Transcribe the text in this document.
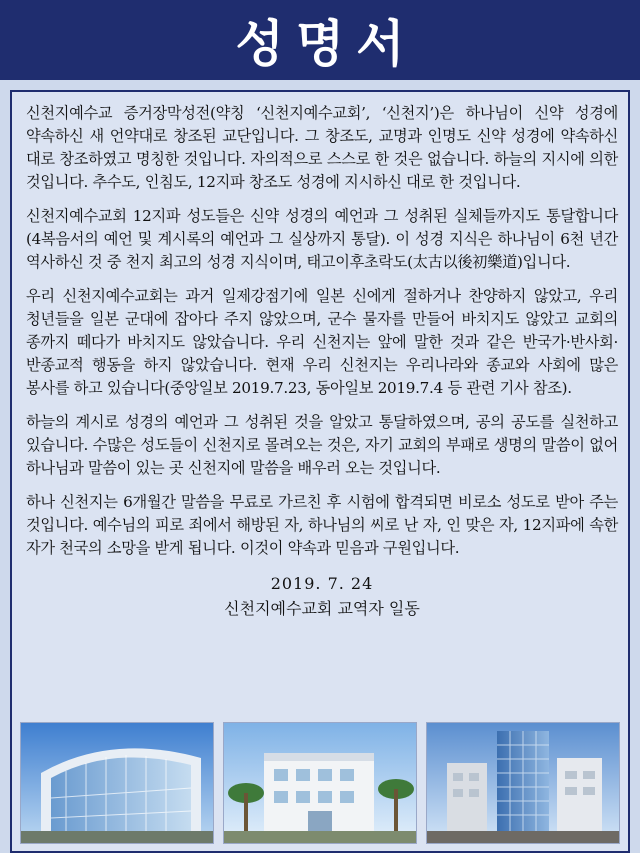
성명서

신천지예수교 증거장막성전(약칭 ‘신천지예수교회’, ‘신천지’)은 하나님이 신약 성경에 약속하신 새 언약대로 창조된 교단입니다. 그 창조도, 교명과 인명도 신약 성경에 약속하신 대로 창조하였고 명칭한 것입니다. 자의적으로 스스로 한 것은 없습니다. 하늘의 지시에 의한 것입니다. 추수도, 인침도, 12지파 창조도 성경에 지시하신 대로 한 것입니다.

신천지예수교회 12지파 성도들은 신약 성경의 예언과 그 성취된 실체들까지도 통달합니다(4복음서의 예언 및 계시록의 예언과 그 실상까지 통달). 이 성경 지식은 하나님이 6천 년간 역사하신 것 중 천지 최고의 성경 지식이며, 태고이후초락도(太古以後初樂道)입니다.

우리 신천지예수교회는 과거 일제강점기에 일본 신에게 절하거나 찬양하지 않았고, 우리 청년들을 일본 군대에 잡아다 주지 않았으며, 군수 물자를 만들어 바치지도 않았고 교회의 종까지 떼다가 바치지도 않았습니다. 우리 신천지는 앞에 말한 것과 같은 반국가·반사회·반종교적 행동을 하지 않았습니다. 현재 우리 신천지는 우리나라와 종교와 사회에 많은 봉사를 하고 있습니다(중앙일보 2019.7.23, 동아일보 2019.7.4 등 관련 기사 참조).

하늘의 계시로 성경의 예언과 그 성취된 것을 알았고 통달하였으며, 공의 공도를 실천하고 있습니다. 수많은 성도들이 신천지로 몰려오는 것은, 자기 교회의 부패로 생명의 말씀이 없어 하나님과 말씀이 있는 곳 신천지에 말씀을 배우러 오는 것입니다.

하나 신천지는 6개월간 말씀을 무료로 가르친 후 시험에 합격되면 비로소 성도로 받아 주는 것입니다. 예수님의 피로 죄에서 해방된 자, 하나님의 씨로 난 자, 인 맞은 자, 12지파에 속한 자가 천국의 소망을 받게 됩니다. 이것이 약속과 믿음과 구원입니다.

2019. 7. 24
신천지예수교회 교역자 일동
